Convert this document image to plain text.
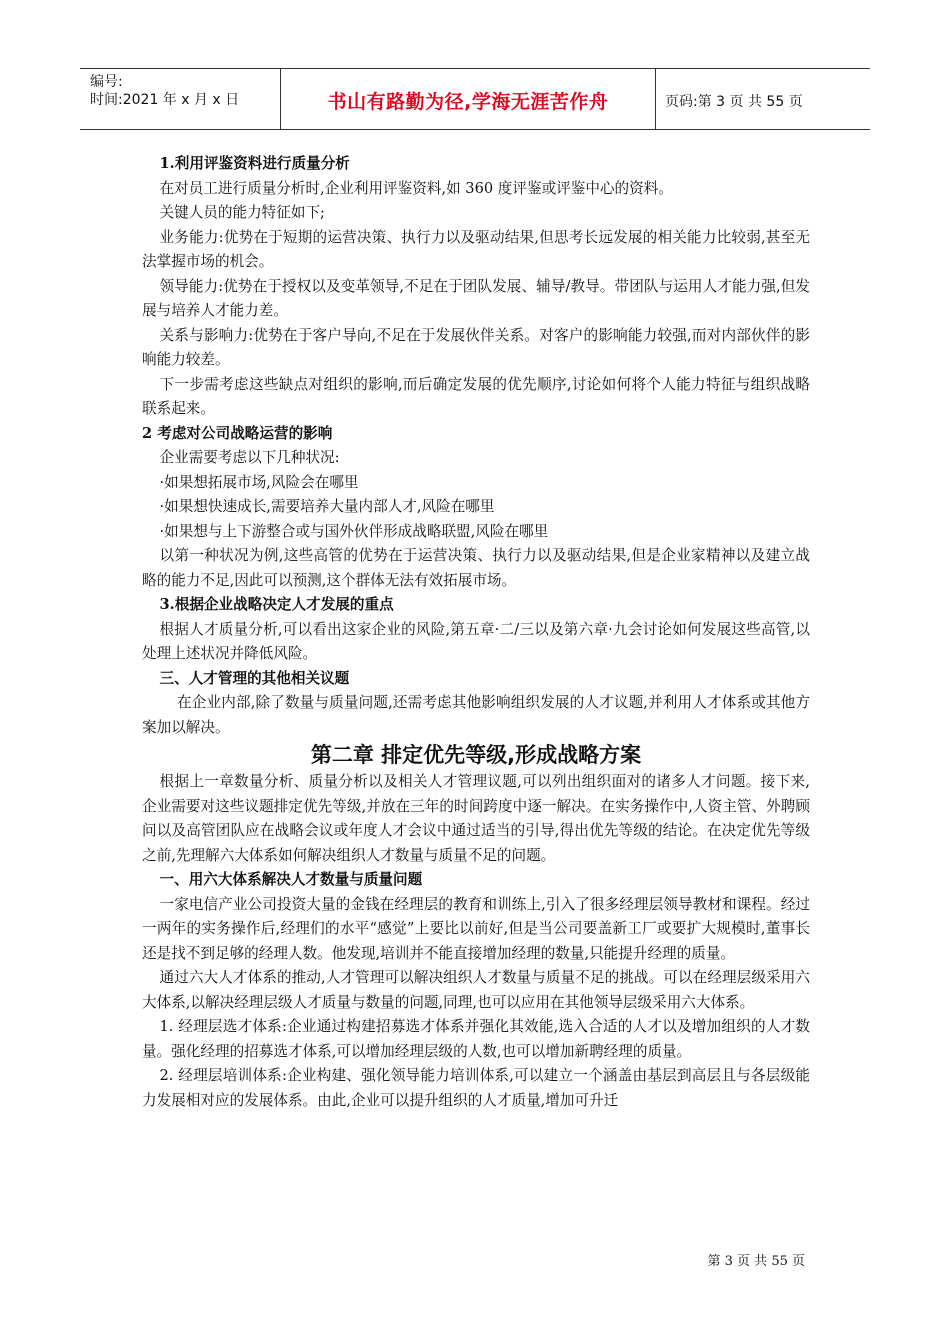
编号:
时间:2021 年 x 月 x 日	书山有路勤为径,学海无涯苦作舟	页码:第 3 页 共 55 页

1.利用评鉴资料进行质量分析

在对员工进行质量分析时,企业利用评鉴资料,如 360 度评鉴或评鉴中心的资料。

关键人员的能力特征如下;

业务能力:优势在于短期的运营决策、执行力以及驱动结果,但思考长远发展的相关能力比较弱,甚至无法掌握市场的机会。

领导能力:优势在于授权以及变革领导,不足在于团队发展、辅导/教导。带团队与运用人才能力强,但发展与培养人才能力差。

关系与影响力:优势在于客户导向,不足在于发展伙伴关系。对客户的影响能力较强,而对内部伙伴的影响能力较差。

下一步需考虑这些缺点对组织的影响,而后确定发展的优先顺序,讨论如何将个人能力特征与组织战略联系起来。

2 考虑对公司战略运营的影响

企业需要考虑以下几种状况:

·如果想拓展市场,风险会在哪里

·如果想快速成长,需要培养大量内部人才,风险在哪里

·如果想与上下游整合或与国外伙伴形成战略联盟,风险在哪里

以第一种状况为例,这些高管的优势在于运营决策、执行力以及驱动结果,但是企业家精神以及建立战略的能力不足,因此可以预测,这个群体无法有效拓展市场。

3.根据企业战略决定人才发展的重点

根据人才质量分析,可以看出这家企业的风险,第五章·二/三以及第六章·九会讨论如何发展这些高管,以处理上述状况并降低风险。

三、人才管理的其他相关议题

在企业内部,除了数量与质量问题,还需考虑其他影响组织发展的人才议题,并利用人才体系或其他方案加以解决。

第二章 排定优先等级,形成战略方案

根据上一章数量分析、质量分析以及相关人才管理议题,可以列出组织面对的诸多人才问题。接下来,企业需要对这些议题排定优先等级,并放在三年的时间跨度中逐一解决。在实务操作中,人资主管、外聘顾问以及高管团队应在战略会议或年度人才会议中通过适当的引导,得出优先等级的结论。在决定优先等级之前,先理解六大体系如何解决组织人才数量与质量不足的问题。

一、用六大体系解决人才数量与质量问题

一家电信产业公司投资大量的金钱在经理层的教育和训练上,引入了很多经理层领导教材和课程。经过一两年的实务操作后,经理们的水平“感觉”上要比以前好,但是当公司要盖新工厂或要扩大规模时,董事长还是找不到足够的经理人数。他发现,培训并不能直接增加经理的数量,只能提升经理的质量。

通过六大人才体系的推动,人才管理可以解决组织人才数量与质量不足的挑战。可以在经理层级采用六大体系,以解决经理层级人才质量与数量的问题,同理,也可以应用在其他领导层级采用六大体系。

1. 经理层选才体系:企业通过构建招募选才体系并强化其效能,选入合适的人才以及增加组织的人才数量。强化经理的招募选才体系,可以增加经理层级的人数,也可以增加新聘经理的质量。

2. 经理层培训体系:企业构建、强化领导能力培训体系,可以建立一个涵盖由基层到高层且与各层级能力发展相对应的发展体系。由此,企业可以提升组织的人才质量,增加可升迁

第 3 页 共 55 页
